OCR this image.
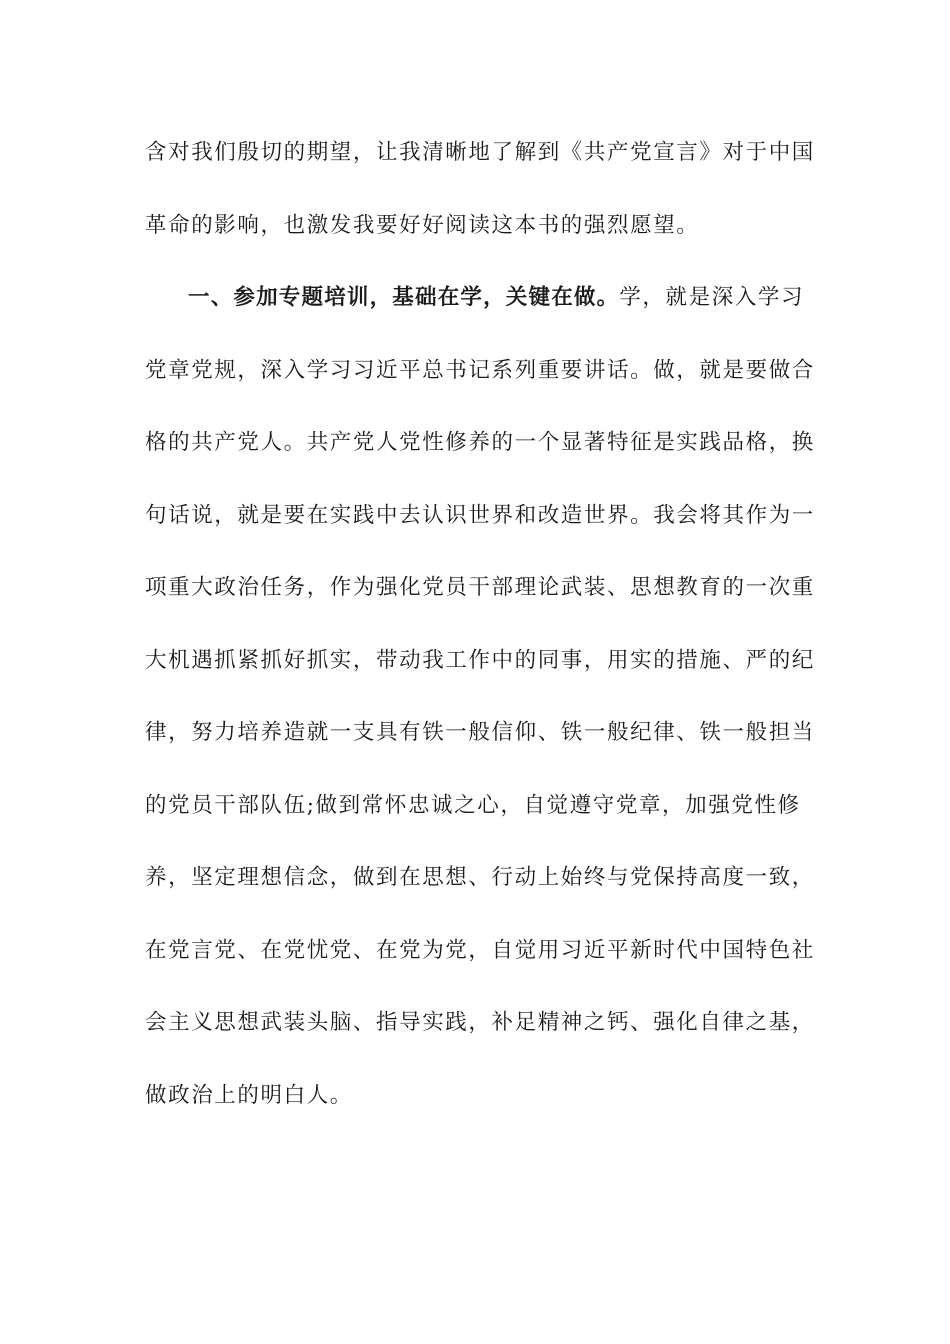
含对我们殷切的期望，让我清晰地了解到《共产党宣言》对于中国
革命的影响，也激发我要好好阅读这本书的强烈愿望。
一、参加专题培训，基础在学，关键在做。学，就是深入学习
党章党规，深入学习习近平总书记系列重要讲话。做，就是要做合
格的共产党人。共产党人党性修养的一个显著特征是实践品格，换
句话说，就是要在实践中去认识世界和改造世界。我会将其作为一
项重大政治任务，作为强化党员干部理论武装、思想教育的一次重
大机遇抓紧抓好抓实，带动我工作中的同事，用实的措施、严的纪
律，努力培养造就一支具有铁一般信仰、铁一般纪律、铁一般担当
的党员干部队伍;做到常怀忠诚之心，自觉遵守党章，加强党性修
养，坚定理想信念，做到在思想、行动上始终与党保持高度一致，
在党言党、在党忧党、在党为党，自觉用习近平新时代中国特色社
会主义思想武装头脑、指导实践，补足精神之钙、强化自律之基，
做政治上的明白人。
